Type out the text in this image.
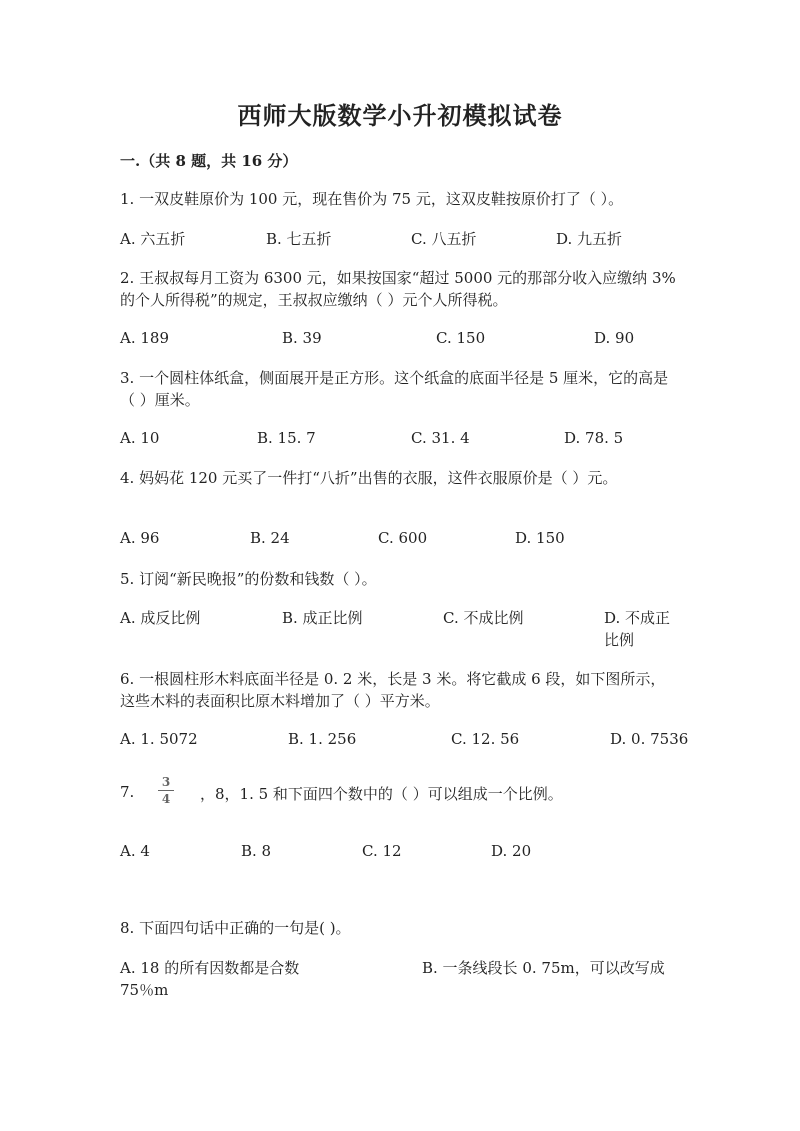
西师大版数学小升初模拟试卷
一.（共 8 题，共 16 分）
1. 一双皮鞋原价为 100 元，现在售价为 75 元，这双皮鞋按原价打了（ ）。
A. 六五折	B. 七五折	C. 八五折	D. 九五折
2. 王叔叔每月工资为 6300 元，如果按国家“超过 5000 元的那部分收入应缴纳 3%的个人所得税”的规定，王叔叔应缴纳（ ）元个人所得税。
A. 189	B. 39	C. 150	D. 90
3. 一个圆柱体纸盒，侧面展开是正方形。这个纸盒的底面半径是 5 厘米，它的高是（ ）厘米。
A. 10	B. 15. 7	C. 31. 4	D. 78. 5
4. 妈妈花 120 元买了一件打“八折”出售的衣服，这件衣服原价是（ ）元。
A. 96	B. 24	C. 600	D. 150
5. 订阅“新民晚报”的份数和钱数（ ）。
A. 成反比例	B. 成正比例	C. 不成比例	D. 不成正比例
6. 一根圆柱形木料底面半径是 0. 2 米，长是 3 米。将它截成 6 段，如下图所示，这些木料的表面积比原木料增加了（ ）平方米。
A. 1. 5072	B. 1. 256	C. 12. 56	D. 0. 7536
7.
3
4 ，8，1. 5 和下面四个数中的（ ）可以组成一个比例。
A. 4	B. 8	C. 12	D. 20
8. 下面四句话中正确的一句是( )。
A. 18 的所有因数都是合数	B. 一条线段长 0. 75m，可以改写成 75％m
